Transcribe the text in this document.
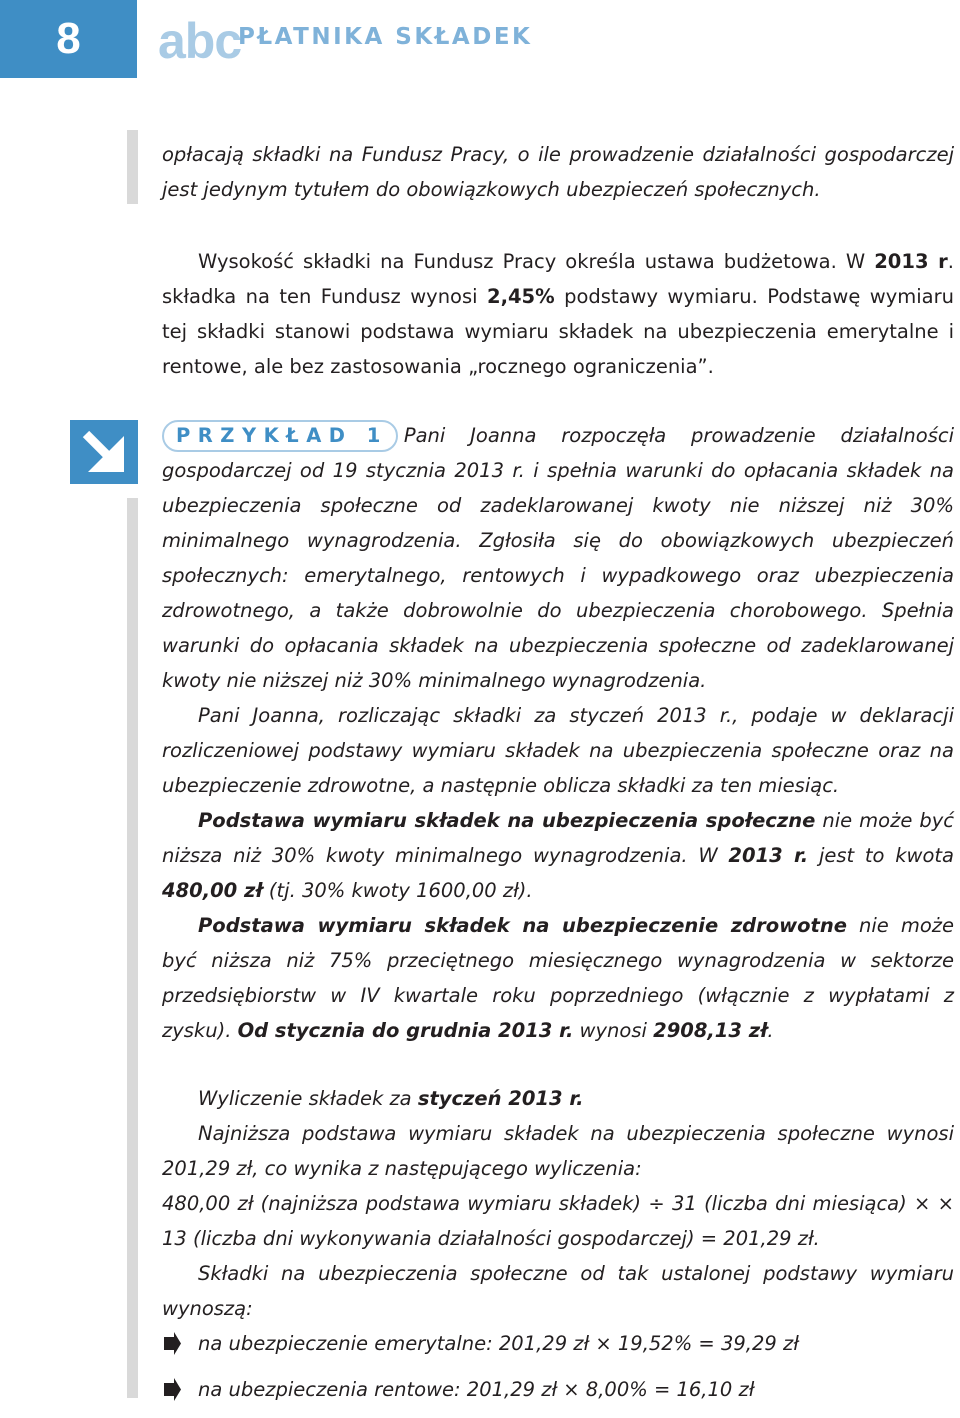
8	abc
PŁATNIKA SKŁADEK

opłacają składki na Fundusz Pracy, o ile prowadzenie działalności gospodarczej jest jedynym tytułem do obowiązkowych ubezpieczeń społecznych.

Wysokość składki na Fundusz Pracy określa ustawa budżetowa. W 2013 r. składka na ten Fundusz wynosi 2,45% podstawy wymiaru. Podstawę wymiaru tej składki stanowi podstawa wymiaru składek na ubezpieczenia emerytalne i rentowe, ale bez zastosowania „rocznego ograniczenia”.

PRZYKŁAD 1 Pani Joanna rozpoczęła prowadzenie działalności gospodarczej od 19 stycznia 2013 r. i spełnia warunki do opłacania składek na ubezpieczenia społeczne od zadeklarowanej kwoty nie niższej niż 30% minimalnego wynagrodzenia. Zgłosiła się do obowiązkowych ubezpieczeń społecznych: emerytalnego, rentowych i wypadkowego oraz ubezpieczenia zdrowotnego, a także dobrowolnie do ubezpieczenia chorobowego. Spełnia warunki do opłacania składek na ubezpieczenia społeczne od zadeklarowanej kwoty nie niższej niż 30% minimalnego wynagrodzenia.

Pani Joanna, rozliczając składki za styczeń 2013 r., podaje w deklaracji rozliczeniowej podstawy wymiaru składek na ubezpieczenia społeczne oraz na ubezpieczenie zdrowotne, a następnie oblicza składki za ten miesiąc.

Podstawa wymiaru składek na ubezpieczenia społeczne nie może być niższa niż 30% kwoty minimalnego wynagrodzenia. W 2013 r. jest to kwota 480,00 zł (tj. 30% kwoty 1600,00 zł).

Podstawa wymiaru składek na ubezpieczenie zdrowotne nie może być niższa niż 75% przeciętnego miesięcznego wynagrodzenia w sektorze przedsiębiorstw w IV kwartale roku poprzedniego (włącznie z wypłatami z zysku). Od stycznia do grudnia 2013 r. wynosi 2908,13 zł.

Wyliczenie składek za styczeń 2013 r.

Najniższa podstawa wymiaru składek na ubezpieczenia społeczne wynosi 201,29 zł, co wynika z następującego wyliczenia:

480,00 zł (najniższa podstawa wymiaru składek) ÷ 31 (liczba dni miesiąca) × × 13 (liczba dni wykonywania działalności gospodarczej) = 201,29 zł.

Składki na ubezpieczenia społeczne od tak ustalonej podstawy wymiaru wynoszą:

na ubezpieczenie emerytalne: 201,29 zł × 19,52% = 39,29 zł
na ubezpieczenia rentowe: 201,29 zł × 8,00% = 16,10 zł
